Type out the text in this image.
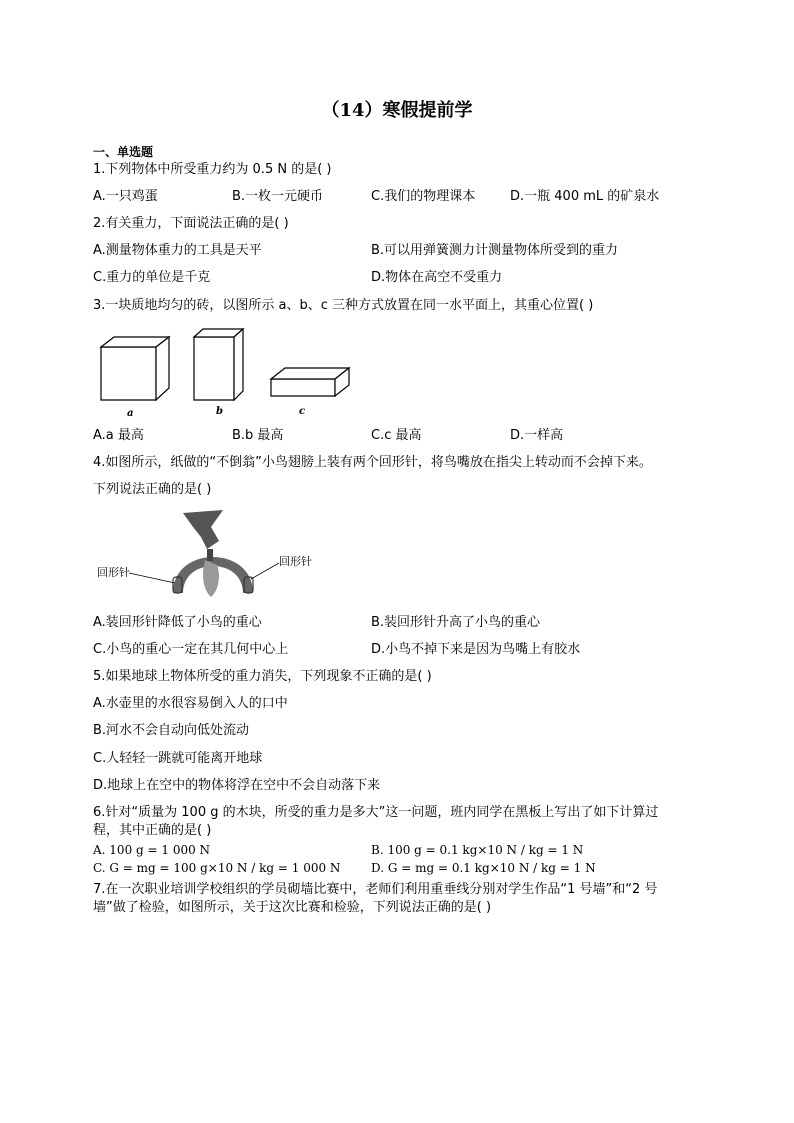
（14）寒假提前学
一、单选题
1.下列物体中所受重力约为 0.5 N 的是( )
A.一只鸡蛋	B.一枚一元硬币	C.我们的物理课本	D.一瓶 400 mL 的矿泉水
2.有关重力，下面说法正确的是( )
A.测量物体重力的工具是天平	B.可以用弹簧测力计测量物体所受到的重力
C.重力的单位是千克	D.物体在高空不受重力
3.一块质地均匀的砖，以图所示 a、b、c 三种方式放置在同一水平面上，其重心位置( )
a	b	c
A.a 最高	B.b 最高	C.c 最高	D.一样高
4.如图所示，纸做的“不倒翁”小鸟翅膀上装有两个回形针，将鸟嘴放在指尖上转动而不会掉下来。
下列说法正确的是( )
回形针
回形针
A.装回形针降低了小鸟的重心	B.装回形针升高了小鸟的重心
C.小鸟的重心一定在其几何中心上	D.小鸟不掉下来是因为鸟嘴上有胶水
5.如果地球上物体所受的重力消失，下列现象不正确的是( )
A.水壶里的水很容易倒入人的口中
B.河水不会自动向低处流动
C.人轻轻一跳就可能离开地球
D.地球上在空中的物体将浮在空中不会自动落下来
6.针对“质量为 100 g 的木块，所受的重力是多大”这一问题，班内同学在黑板上写出了如下计算过
程，其中正确的是( )
A. 100 g = 1 000 N	B. 100 g = 0.1 kg×10 N / kg = 1 N
C. G = mg = 100 g×10 N / kg = 1 000 N	D. G = mg = 0.1 kg×10 N / kg = 1 N
7.在一次职业培训学校组织的学员砌墙比赛中，老师们利用重垂线分别对学生作品“1 号墙”和“2 号
墙”做了检验，如图所示，关于这次比赛和检验，下列说法正确的是( )
